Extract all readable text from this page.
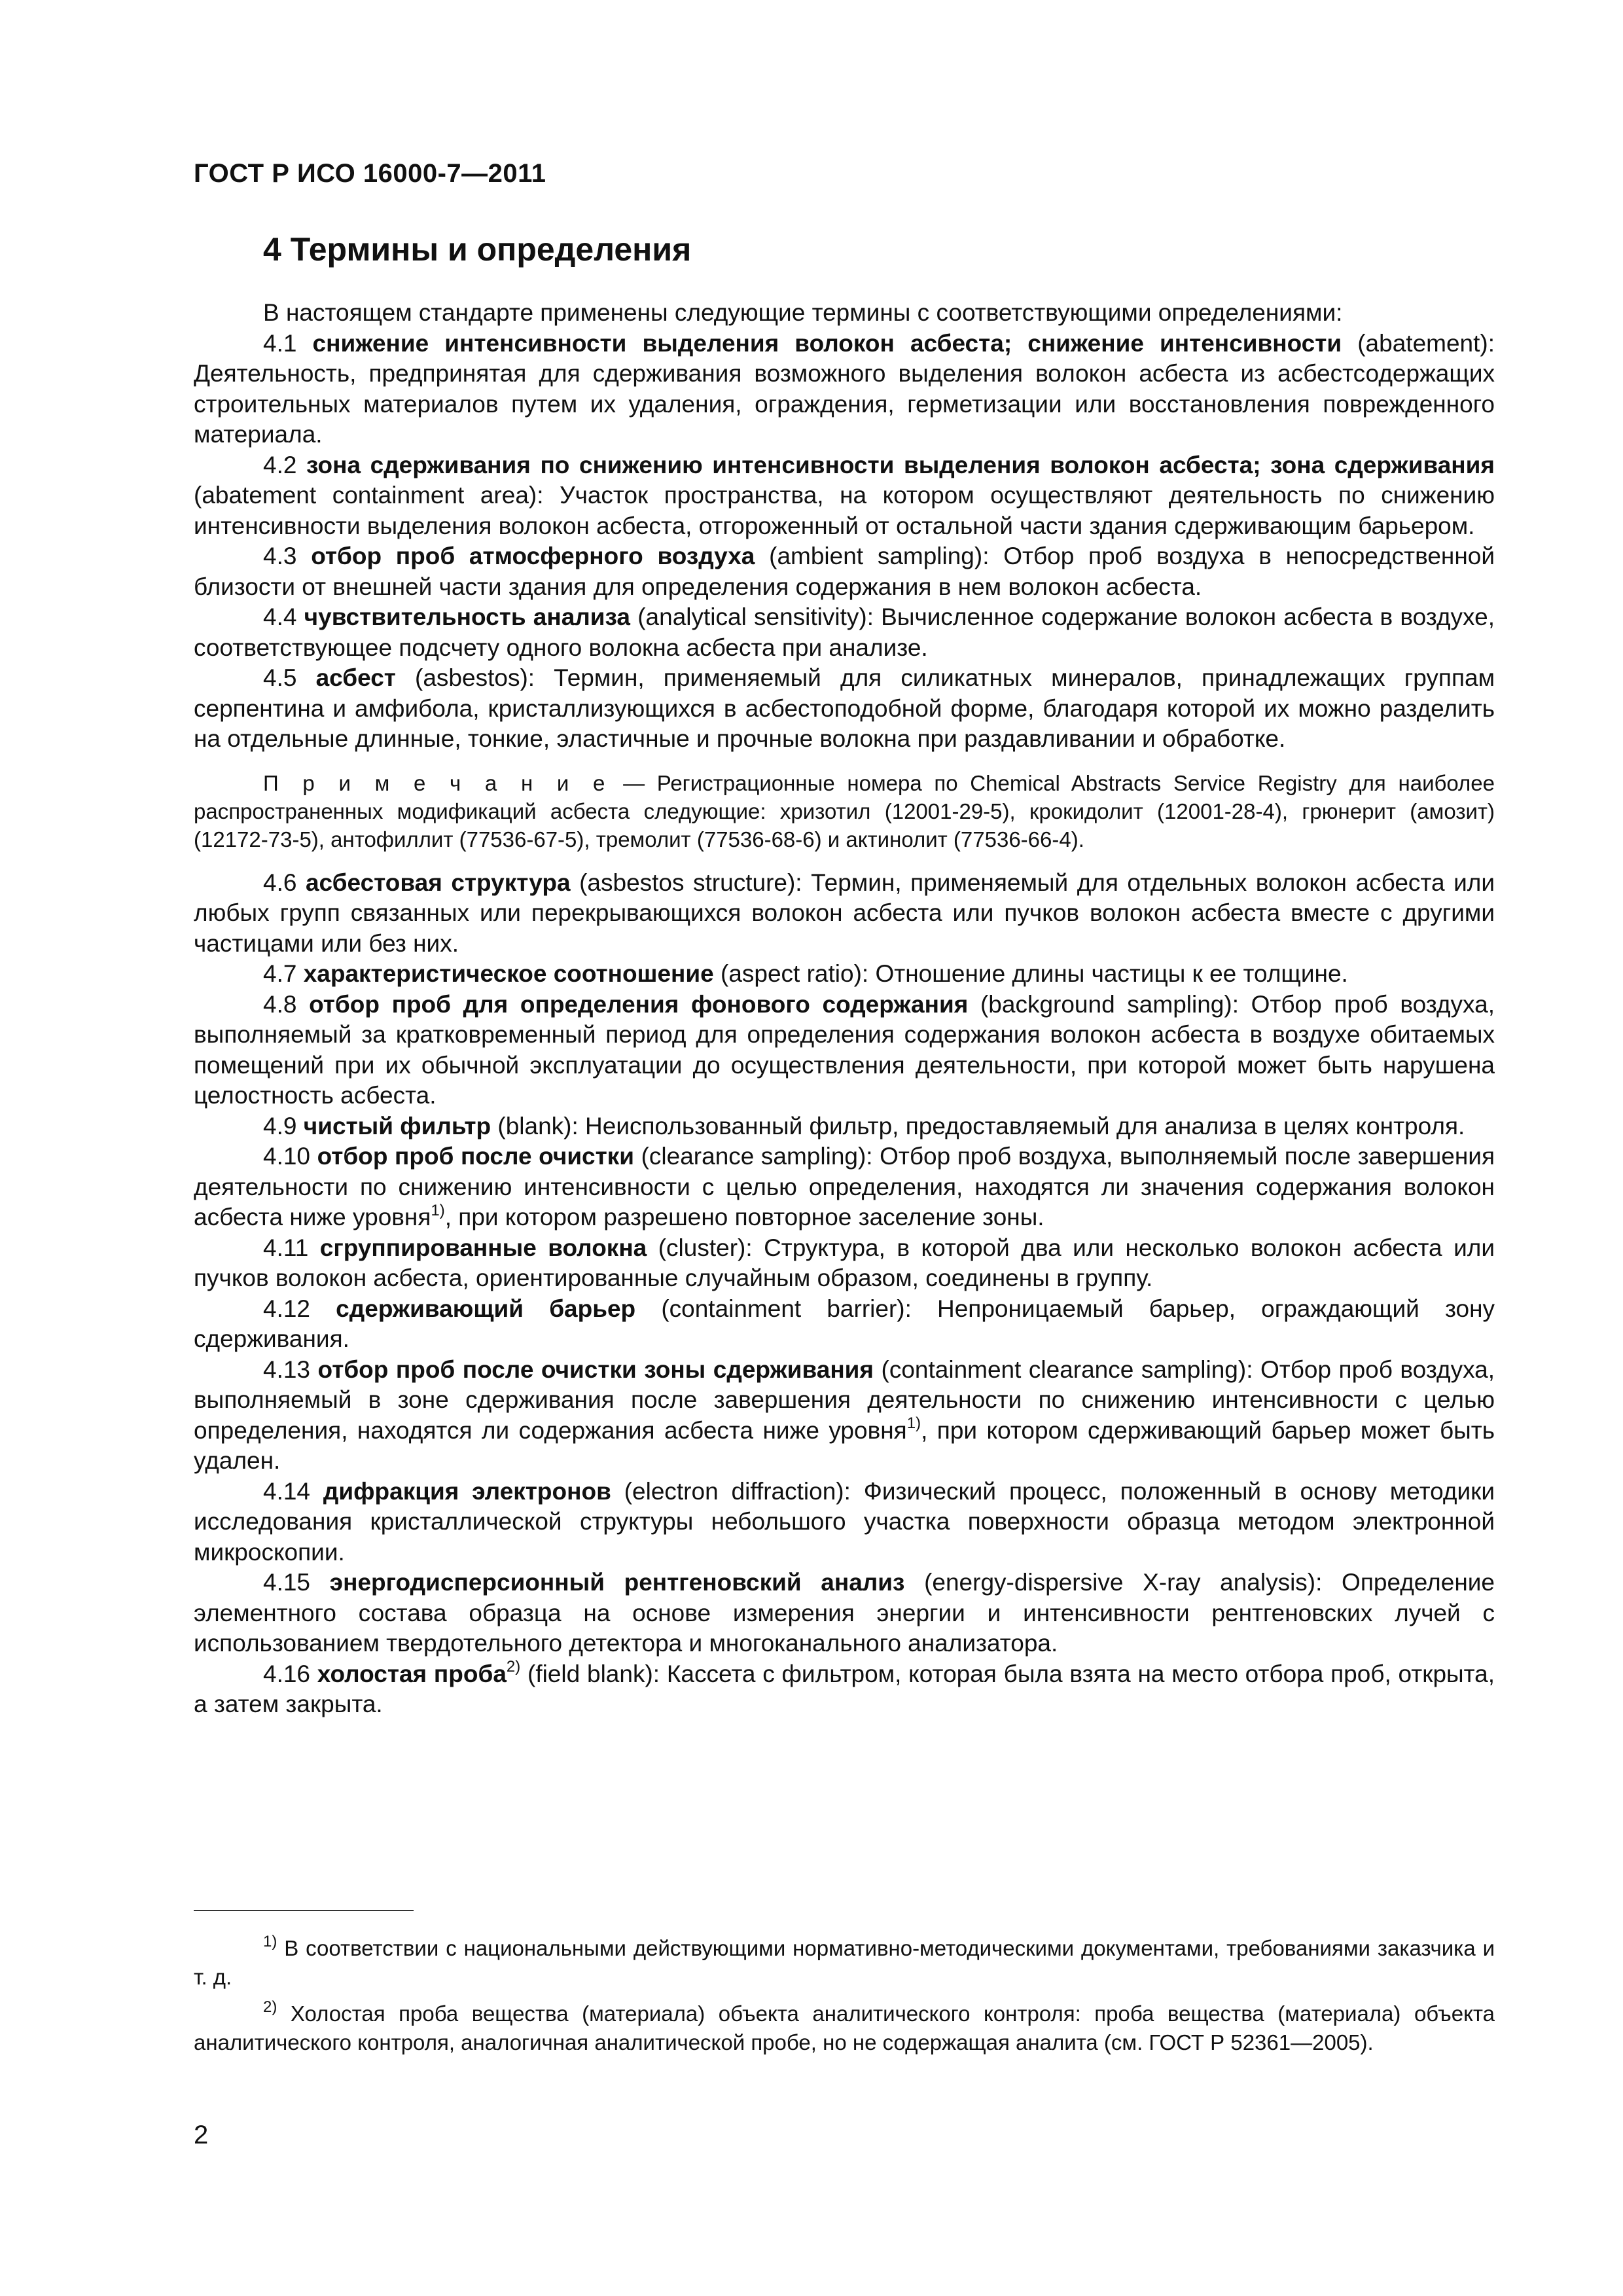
ГОСТ Р ИСО 16000-7—2011
4 Термины и определения

В настоящем стандарте применены следующие термины с соответствующими определениями:

4.1 снижение интенсивности выделения волокон асбеста; снижение интенсивности (abatement): Деятельность, предпринятая для сдерживания возможного выделения волокон асбеста из асбестсодержащих строительных материалов путем их удаления, ограждения, герметизации или восстановления поврежденного материала.

4.2 зона сдерживания по снижению интенсивности выделения волокон асбеста; зона сдерживания (abatement containment area): Участок пространства, на котором осуществляют деятельность по снижению интенсивности выделения волокон асбеста, отгороженный от остальной части здания сдерживающим барьером.

4.3 отбор проб атмосферного воздуха (ambient sampling): Отбор проб воздуха в непосредственной близости от внешней части здания для определения содержания в нем волокон асбеста.

4.4 чувствительность анализа (analytical sensitivity): Вычисленное содержание волокон асбеста в воздухе, соответствующее подсчету одного волокна асбеста при анализе.

4.5 асбест (asbestos): Термин, применяемый для силикатных минералов, принадлежащих группам серпентина и амфибола, кристаллизующихся в асбестоподобной форме, благодаря которой их можно разделить на отдельные длинные, тонкие, эластичные и прочные волокна при раздавливании и обработке.

П р и м е ч а н и е — Регистрационные номера по Chemical Abstracts Service Registry для наиболее распространенных модификаций асбеста следующие: хризотил (12001-29-5), крокидолит (12001-28-4), грюнерит (амозит) (12172-73-5), антофиллит (77536-67-5), тремолит (77536-68-6) и актинолит (77536-66-4).

4.6 асбестовая структура (asbestos structure): Термин, применяемый для отдельных волокон асбеста или любых групп связанных или перекрывающихся волокон асбеста или пучков волокон асбеста вместе с другими частицами или без них.

4.7 характеристическое соотношение (aspect ratio): Отношение длины частицы к ее толщине.

4.8 отбор проб для определения фонового содержания (background sampling): Отбор проб воздуха, выполняемый за кратковременный период для определения содержания волокон асбеста в воздухе обитаемых помещений при их обычной эксплуатации до осуществления деятельности, при которой может быть нарушена целостность асбеста.

4.9 чистый фильтр (blank): Неиспользованный фильтр, предоставляемый для анализа в целях контроля.

4.10 отбор проб после очистки (clearance sampling): Отбор проб воздуха, выполняемый после завершения деятельности по снижению интенсивности с целью определения, находятся ли значения содержания волокон асбеста ниже уровня$^{1)}$, при котором разрешено повторное заселение зоны.

4.11 сгруппированные волокна (cluster): Структура, в которой два или несколько волокон асбеста или пучков волокон асбеста, ориентированные случайным образом, соединены в группу.

4.12 сдерживающий барьер (containment barrier): Непроницаемый барьер, ограждающий зону сдерживания.

4.13 отбор проб после очистки зоны сдерживания (containment clearance sampling): Отбор проб воздуха, выполняемый в зоне сдерживания после завершения деятельности по снижению интенсивности с целью определения, находятся ли содержания асбеста ниже уровня$^{1)}$, при котором сдерживающий барьер может быть удален.

4.14 дифракция электронов (electron diffraction): Физический процесс, положенный в основу методики исследования кристаллической структуры небольшого участка поверхности образца методом электронной микроскопии.

4.15 энергодисперсионный рентгеновский анализ (energy-dispersive X-ray analysis): Определение элементного состава образца на основе измерения энергии и интенсивности рентгеновских лучей с использованием твердотельного детектора и многоканального анализатора.

4.16 холостая проба$^{2)}$ (field blank): Кассета с фильтром, которая была взята на место отбора проб, открыта, а затем закрыта.

$^{1)}$ В соответствии с национальными действующими нормативно-методическими документами, требованиями заказчика и т. д.

$^{2)}$ Холостая проба вещества (материала) объекта аналитического контроля: проба вещества (материала) объекта аналитического контроля, аналогичная аналитической пробе, но не содержащая аналита (см. ГОСТ Р 52361—2005).

2
